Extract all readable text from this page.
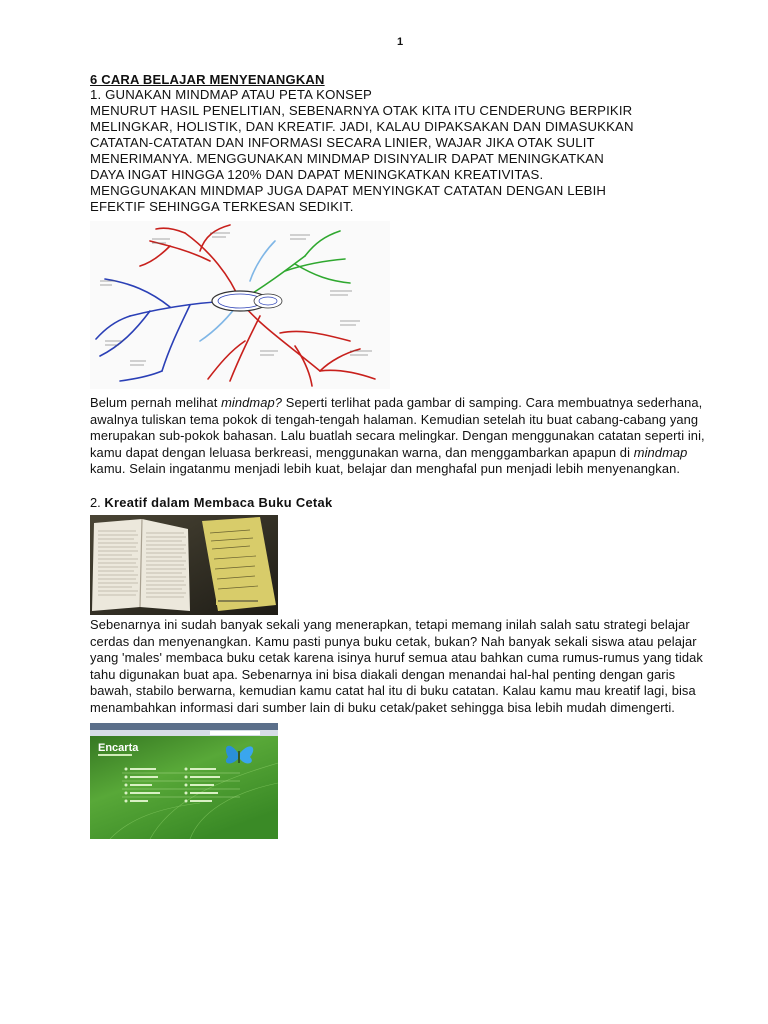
1
6 CARA BELAJAR MENYENANGKAN
1. GUNAKAN MINDMAP ATAU PETA KONSEP
MENURUT HASIL PENELITIAN, SEBENARNYA OTAK KITA ITU CENDERUNG BERPIKIR
MELINGKAR, HOLISTIK, DAN KREATIF. JADI, KALAU DIPAKSAKAN DAN DIMASUKKAN
CATATAN-CATATAN DAN INFORMASI SECARA LINIER, WAJAR JIKA OTAK SULIT
MENERIMANYA. MENGGUNAKAN MINDMAP DISINYALIR DAPAT MENINGKATKAN
DAYA INGAT HINGGA 120% DAN DAPAT MENINGKATKAN KREATIVITAS.
MENGGUNAKAN MINDMAP JUGA DAPAT MENYINGKAT CATATAN DENGAN LEBIH
EFEKTIF SEHINGGA TERKESAN SEDIKIT.
Belum pernah melihat mindmap? Seperti terlihat pada gambar di samping. Cara membuatnya sederhana, awalnya tuliskan tema pokok di tengah-tengah halaman. Kemudian setelah itu buat cabang-cabang yang merupakan sub-pokok bahasan. Lalu buatlah secara melingkar. Dengan menggunakan catatan seperti ini, kamu dapat dengan leluasa berkreasi, menggunakan warna, dan menggambarkan apapun di mindmap kamu. Selain ingatanmu menjadi lebih kuat, belajar dan menghafal pun menjadi lebih menyenangkan.
2. Kreatif dalam Membaca Buku Cetak
Sebenarnya ini sudah banyak sekali yang menerapkan, tetapi memang inilah salah satu strategi belajar cerdas dan menyenangkan. Kamu pasti punya buku cetak, bukan? Nah banyak sekali siswa atau pelajar yang 'males' membaca buku cetak karena isinya huruf semua atau bahkan cuma rumus-rumus yang tidak tahu digunakan buat apa. Sebenarnya ini bisa diakali dengan menandai hal-hal penting dengan garis bawah, stabilo berwarna, kemudian kamu catat hal itu di buku catatan. Kalau kamu mau kreatif lagi, bisa menambahkan informasi dari sumber lain di buku cetak/paket sehingga bisa lebih mudah dimengerti.
Encarta
